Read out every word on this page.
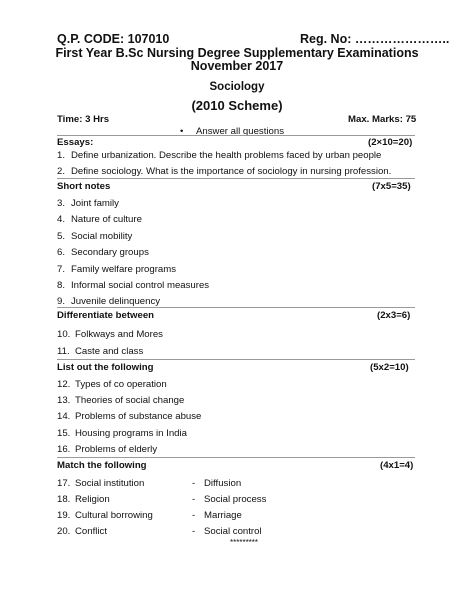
Q.P. CODE: 107010	Reg. No: …………………..
First Year B.Sc Nursing Degree Supplementary Examinations
November 2017
Sociology
(2010 Scheme)
Time: 3 Hrs	Max. Marks: 75
• Answer all questions
Essays:	(2×10=20)
1. Define urbanization. Describe the health problems faced by urban people
2. Define sociology. What is the importance of sociology in nursing profession.
Short notes	(7x5=35)
3. Joint family
4. Nature of culture
5. Social mobility
6. Secondary groups
7. Family welfare programs
8. Informal social control measures
9. Juvenile delinquency
Differentiate between	(2x3=6)
10. Folkways and Mores
11. Caste and class
List out the following	(5x2=10)
12. Types of co operation
13. Theories of social change
14. Problems of substance abuse
15. Housing programs in India
16. Problems of elderly
Match the following	(4x1=4)
17. Social institution	- Diffusion
18. Religion	- Social process
19. Cultural borrowing	- Marriage
20. Conflict	- Social control
*********
